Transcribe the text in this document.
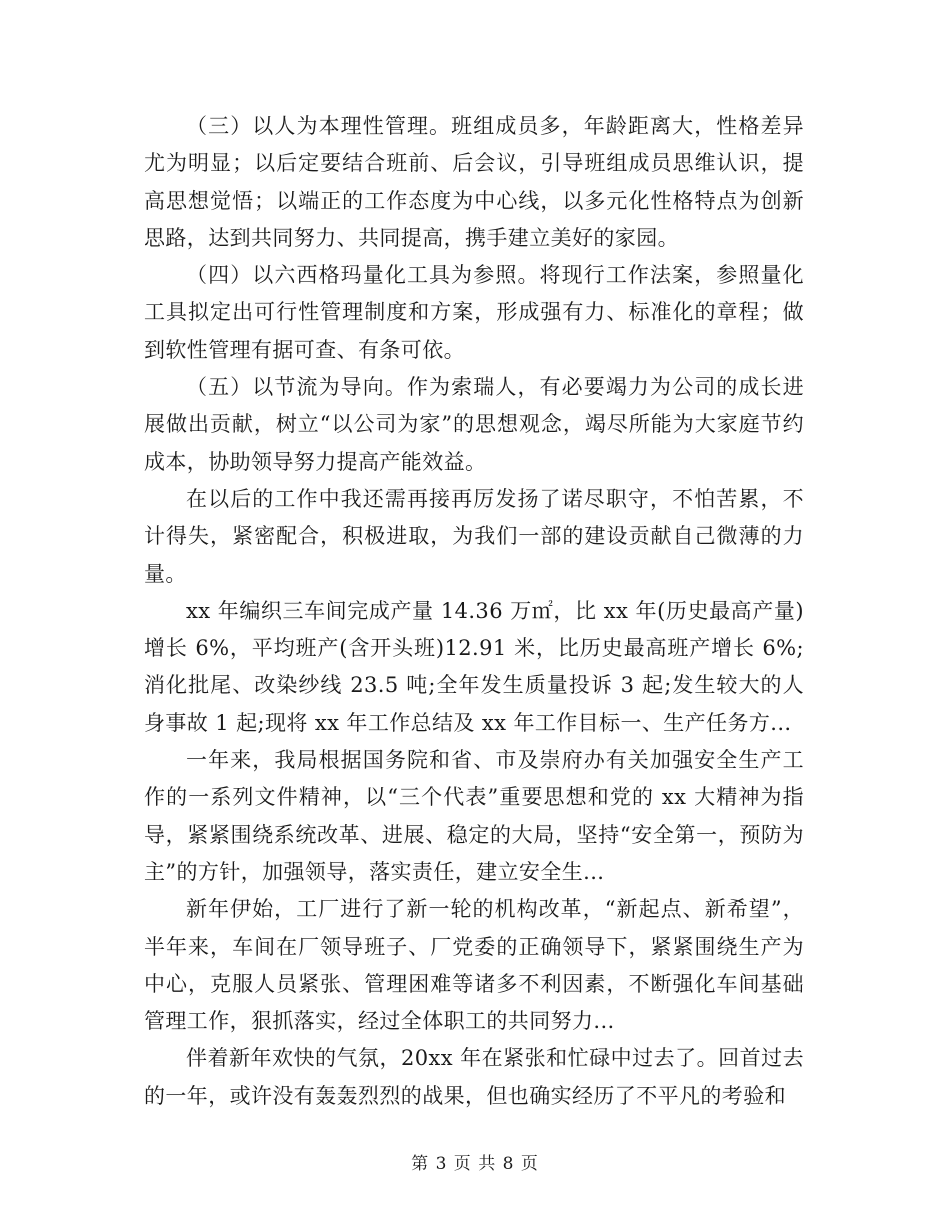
（三）以人为本理性管理。班组成员多，年龄距离大，性格差异尤为明显；以后定要结合班前、后会议，引导班组成员思维认识，提高思想觉悟；以端正的工作态度为中心线，以多元化性格特点为创新思路，达到共同努力、共同提高，携手建立美好的家园。

（四）以六西格玛量化工具为参照。将现行工作法案，参照量化工具拟定出可行性管理制度和方案，形成强有力、标准化的章程；做到软性管理有据可查、有条可依。

（五）以节流为导向。作为索瑞人，有必要竭力为公司的成长进展做出贡献，树立“以公司为家”的思想观念，竭尽所能为大家庭节约成本，协助领导努力提高产能效益。

在以后的工作中我还需再接再厉发扬了诺尽职守，不怕苦累，不计得失，紧密配合，积极进取，为我们一部的建设贡献自己微薄的力量。

xx 年编织三车间完成产量 14.36 万㎡，比 xx 年(历史最高产量)增长 6%，平均班产(含开头班)12.91 米，比历史最高班产增长 6%;消化批尾、改染纱线 23.5 吨;全年发生质量投诉 3 起;发生较大的人身事故 1 起;现将 xx 年工作总结及 xx 年工作目标一、生产任务方...

一年来，我局根据国务院和省、市及崇府办有关加强安全生产工作的一系列文件精神，以“三个代表”重要思想和党的 xx 大精神为指导，紧紧围绕系统改革、进展、稳定的大局，坚持“安全第一，预防为主”的方针，加强领导，落实责任，建立安全生...

新年伊始，工厂进行了新一轮的机构改革，“新起点、新希望”，半年来，车间在厂领导班子、厂党委的正确领导下，紧紧围绕生产为中心，克服人员紧张、管理困难等诸多不利因素，不断强化车间基础管理工作，狠抓落实，经过全体职工的共同努力...

伴着新年欢快的气氛，20xx 年在紧张和忙碌中过去了。回首过去的一年，或许没有轰轰烈烈的战果，但也确实经历了不平凡的考验和

第 3 页 共 8 页
